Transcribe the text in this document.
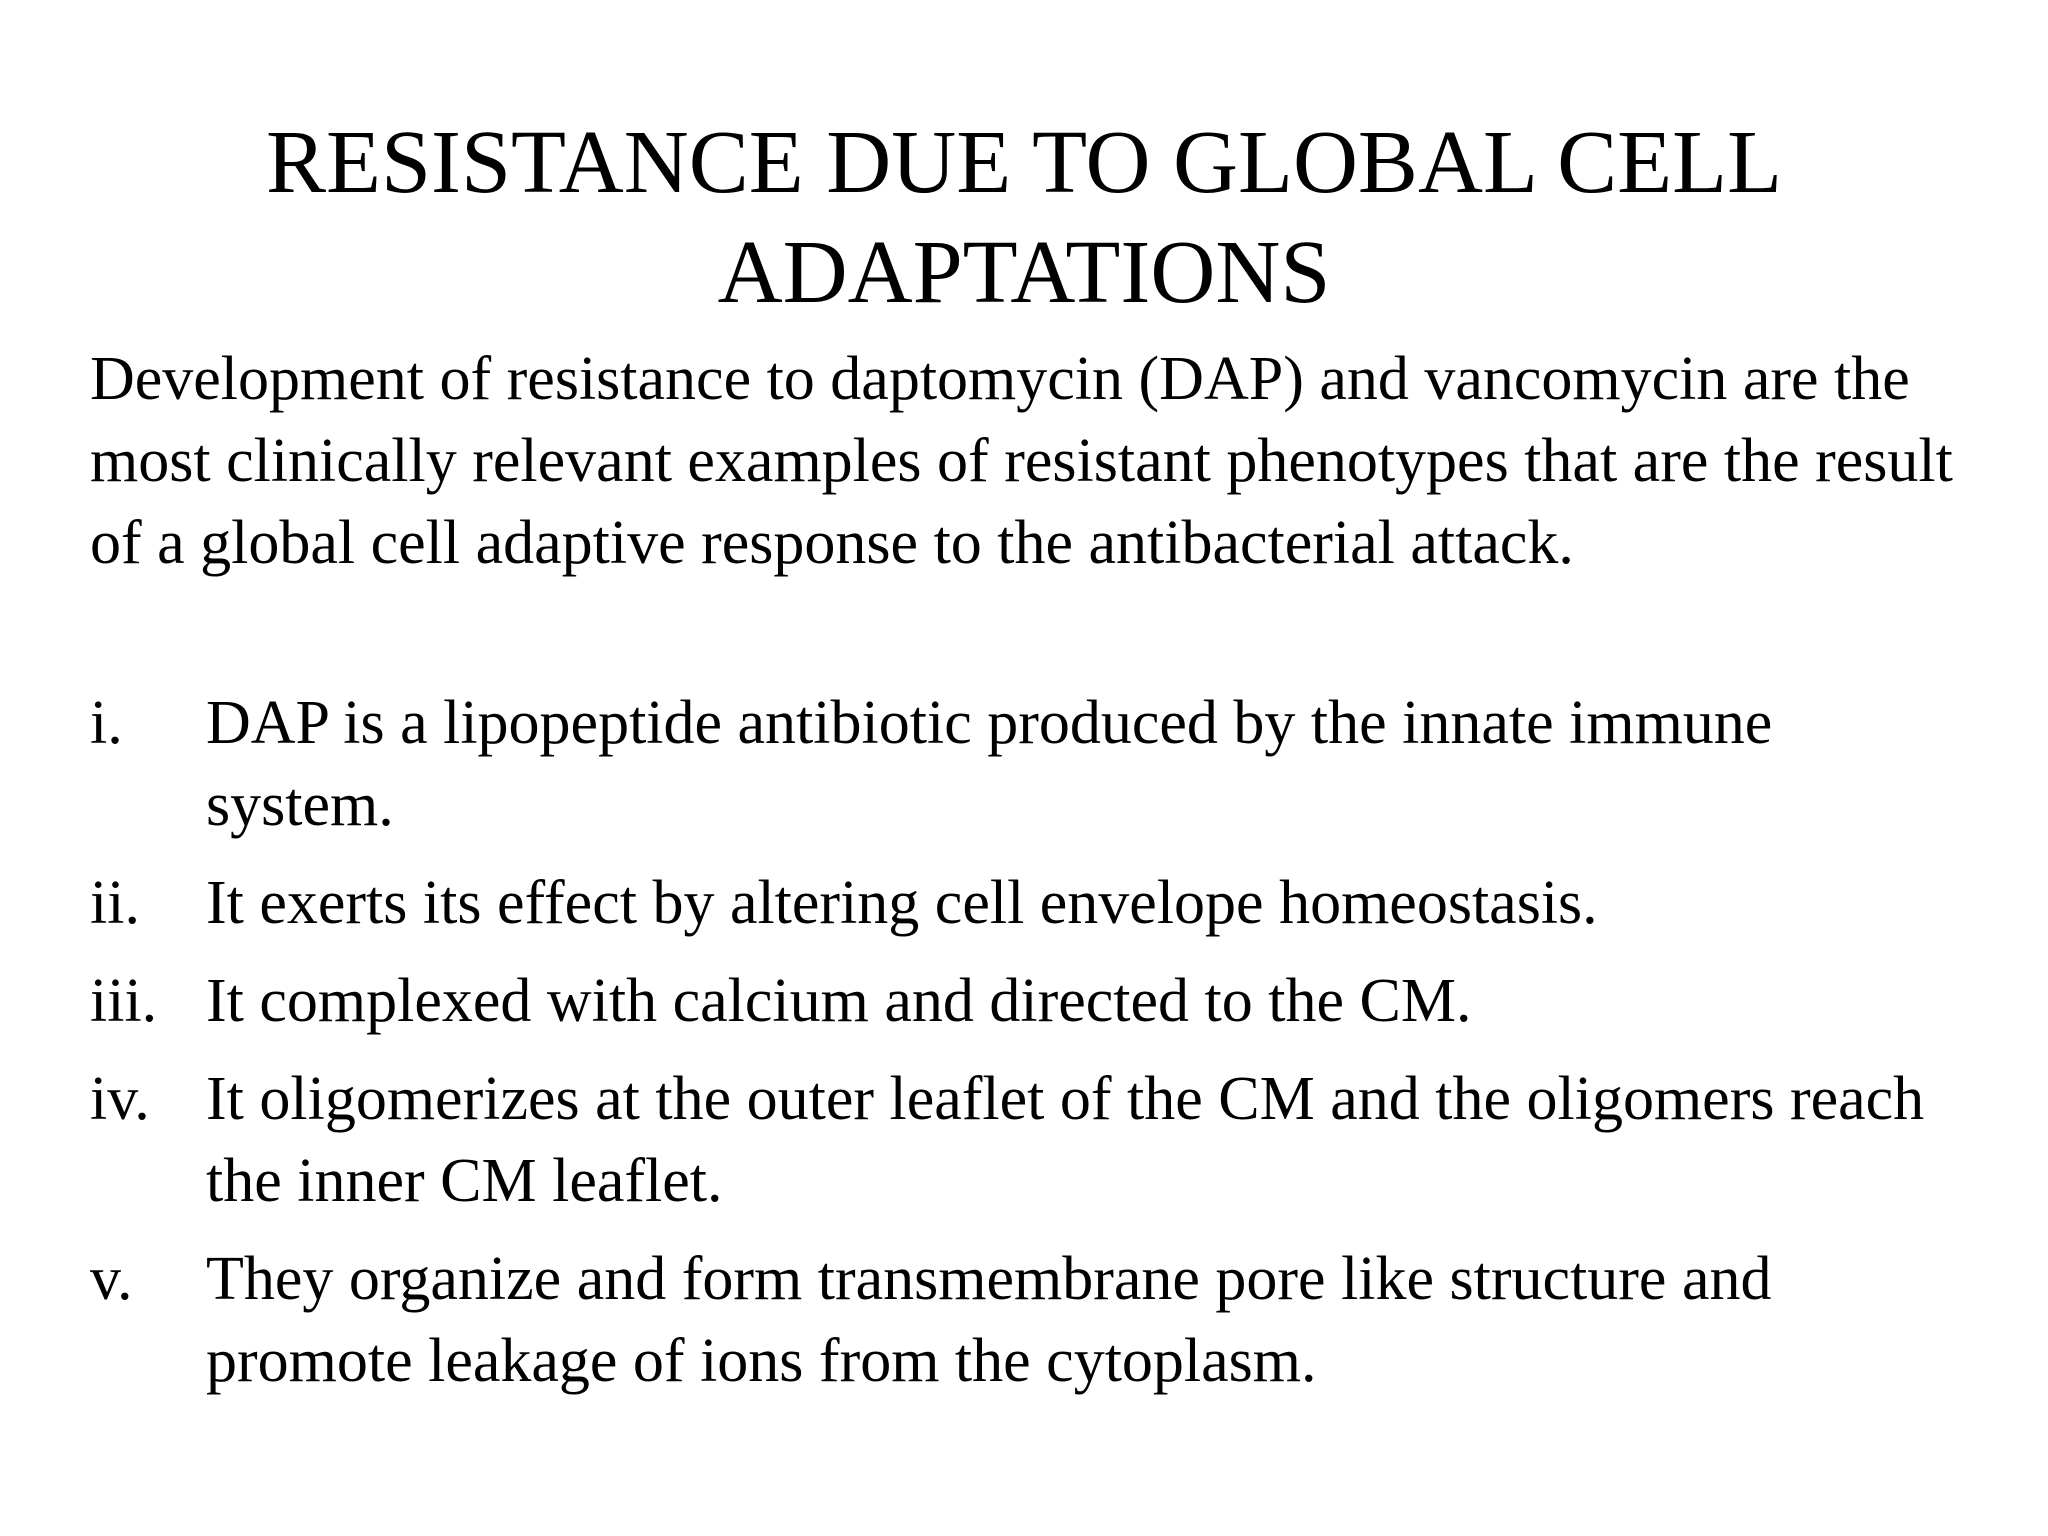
RESISTANCE DUE TO GLOBAL CELL
ADAPTATIONS

Development of resistance to daptomycin (DAP) and vancomycin are the most clinically relevant examples of resistant phenotypes that are the result of a global cell adaptive response to the antibacterial attack.

i.	DAP is a lipopeptide antibiotic produced by the innate immune system.
ii.	It exerts its effect by altering cell envelope homeostasis.
iii. It complexed with calcium and directed to the CM.
iv. It oligomerizes at the outer leaflet of the CM and the oligomers reach the inner CM leaflet.
v.	They organize and form transmembrane pore like structure and promote leakage of ions from the cytoplasm.
